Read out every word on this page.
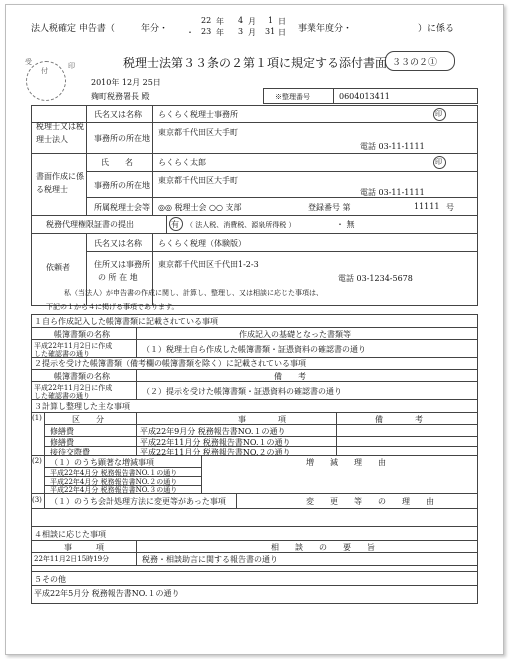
法人税確定 申告書（	年分・
22 年 4 月 1 日
・ 23 年 3 月 31 日 事業年度分・	）に係る
受
付
印	税理士法第３３条の２第１項に規定する添付書面 ３３の２①
2010年 12月 25日
麹町税務署長 殿	※整理番号	0604013411
税理士又は税理士法人
氏名又は名称 らくらく税理士事務所	印
事務所の所在地
東京都千代田区大手町
電話 03-11-1111
書面作成に係る税理士
氏　　名	らくらく太郎	印
事務所の所在地
東京都千代田区大手町
電話 03-11-1111
所属税理士会等 ◎◎ 税理士会 ○○ 支部	登録番号 第	11111 号
税務代理権限証書の提出	有 （ 法人税、消費税、源泉所得税 ）	・ 無
依頼者
氏名又は名称 らくらく税理（体験版）
住所又は事務所
の 所 在 地
東京都千代田区千代田1-2-3
電話 03-1234-5678
私（当法人）が申告書の作成に関し、計算し、整理し、又は相談に応じた事項は、
下記の１から４に掲げる事項であります。
１自ら作成記入した帳簿書類に記載されている事項
帳簿書類の名称	作成記入の基礎となった書類等
平成22年11月2日に作成
した確認書の通り	（１）税理士自ら作成した帳簿書類・証憑資料の確認書の通り
２提示を受けた帳簿書類（備考欄の帳簿書類を除く）に記載されている事項
帳簿書類の名称	備　　考
平成22年11月2日に作成
した確認書の通り	（２）提示を受けた帳簿書類・証憑資料の確認書の通り
３計算し整理した主な事項
(1)	区　　分	事　　　　項	備　　　　考
修繕費	平成22年9月分 税務報告書NO.１の通り
修繕費	平成22年11月分 税務報告書NO.１の通り
接待交際費	平成22年11月分 税務報告書NO.２の通り
(2) （１）のうち顕著な増減事項	増　　減　　理　　由
平成22年4月分 税務報告書NO.１の通り
平成22年4月分 税務報告書NO.２の通り
平成22年4月分 税務報告書NO.３の通り
(3) （１）のうち会計処理方法に変更等があった事項	変　　更　　等　　の　　理　　由
４相談に応じた事項
事　　　項	相　　談　　の　　要　　旨
22年11月2日15時19分	税務・相談助言に関する報告書の通り
５その他
平成22年5月分 税務報告書NO.１の通り
